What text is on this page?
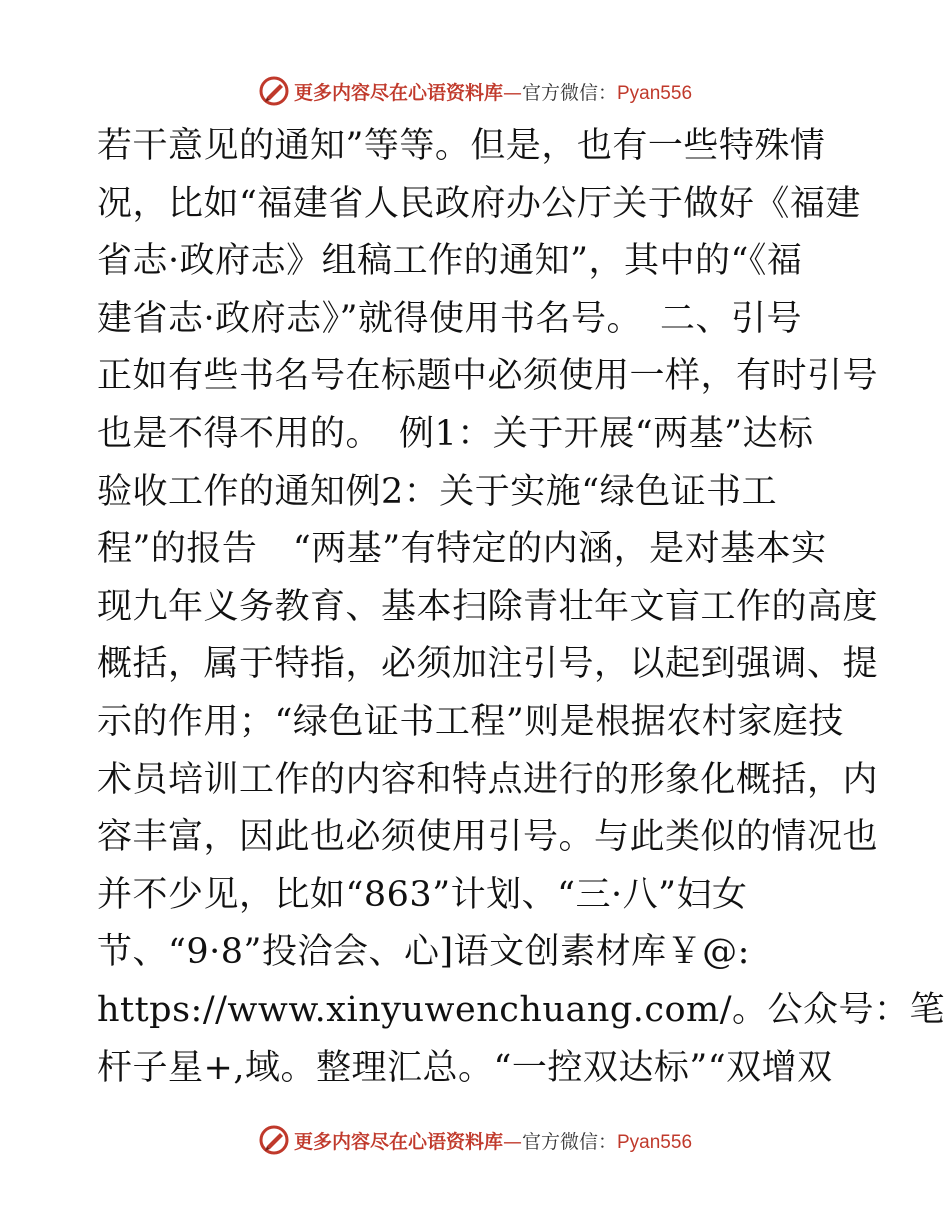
更多内容尽在心语资料库—官方微信：Pyan556
若干意见的通知”等等。但是，也有一些特殊情
况，比如“福建省人民政府办公厅关于做好《福建
省志·政府志》组稿工作的通知”，其中的“《福
建省志·政府志》”就得使用书名号。　二、引号
正如有些书名号在标题中必须使用一样，有时引号
也是不得不用的。　例1：关于开展“两基”达标
验收工作的通知例2：关于实施“绿色证书工
程”的报告　“两基”有特定的内涵，是对基本实
现九年义务教育、基本扫除青壮年文盲工作的高度
概括，属于特指，必须加注引号，以起到强调、提
示的作用；“绿色证书工程”则是根据农村家庭技
术员培训工作的内容和特点进行的形象化概括，内
容丰富，因此也必须使用引号。与此类似的情况也
并不少见，比如“863”计划、“三·八”妇女
节、“9·8”投洽会、心]语文创素材库￥@:
https://www.xinyuwenchuang.com/。公众号：笔
杆子星+,域。整理汇总。“一控双达标”“双增双
更多内容尽在心语资料库—官方微信：Pyan556
